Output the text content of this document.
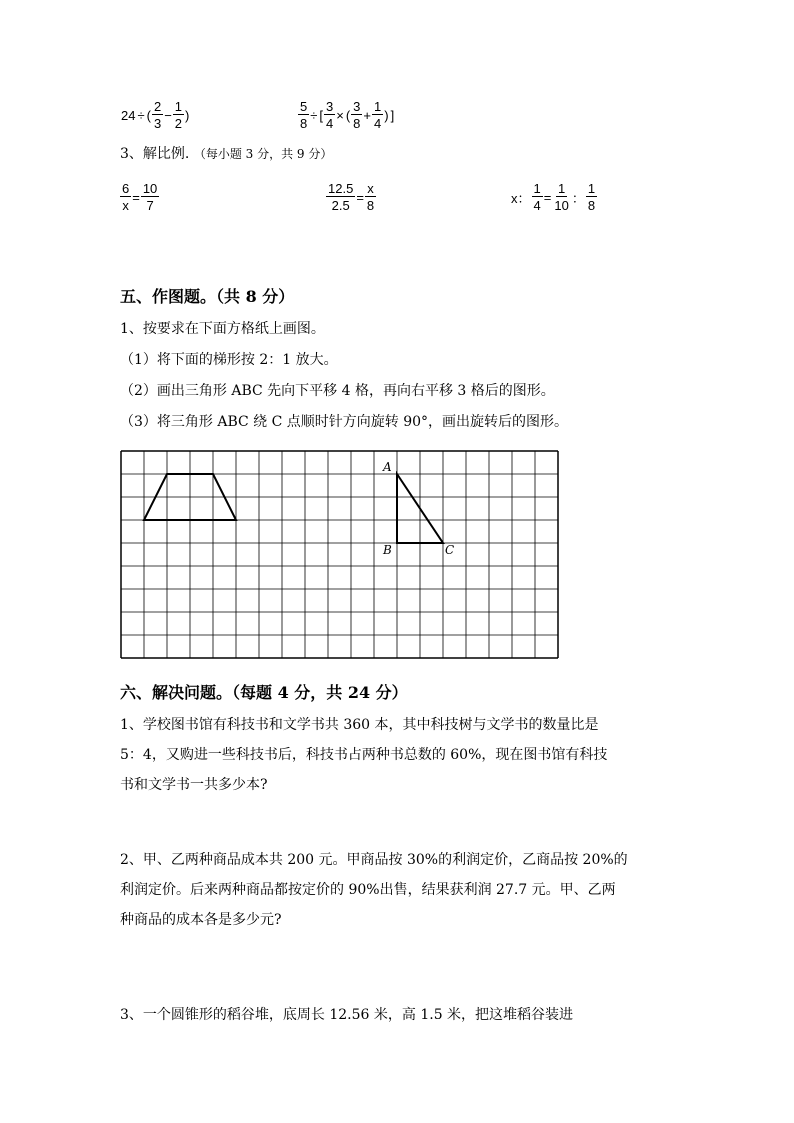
24 ÷ ( $\frac{2}{3} - \frac{1}{2}$ )	$\frac{5}{8}$ ÷ [ $\frac{3}{4}$ × ( $\frac{3}{8} + \frac{1}{4}$ ) ]
3、解比例. （每小题 3 分，共 9 分）
$\frac{6}{x} = \frac{10}{7}$	$\frac{12.5}{2.5} = \frac{x}{8}$	x： $\frac{1}{4} = \frac{1}{10}$ ： $\frac{1}{8}$
五、作图题。（共 8 分）
1、按要求在下面方格纸上画图。
（1）将下面的梯形按 2：1 放大。
（2）画出三角形 ABC 先向下平移 4 格，再向右平移 3 格后的图形。
（3）将三角形 ABC 绕 C 点顺时针方向旋转 90°，画出旋转后的图形。
A
B	C
六、解决问题。（每题 4 分，共 24 分）
1、学校图书馆有科技书和文学书共 360 本，其中科技树与文学书的数量比是
5：4，又购进一些科技书后，科技书占两种书总数的 60%，现在图书馆有科技
书和文学书一共多少本?
2、甲、乙两种商品成本共 200 元。甲商品按 30%的利润定价，乙商品按 20%的
利润定价。后来两种商品都按定价的 90%出售，结果获利润 27.7 元。甲、乙两
种商品的成本各是多少元?
3、一个圆锥形的稻谷堆，底周长 12.56 米，高 1.5 米，把这堆稻谷装进
